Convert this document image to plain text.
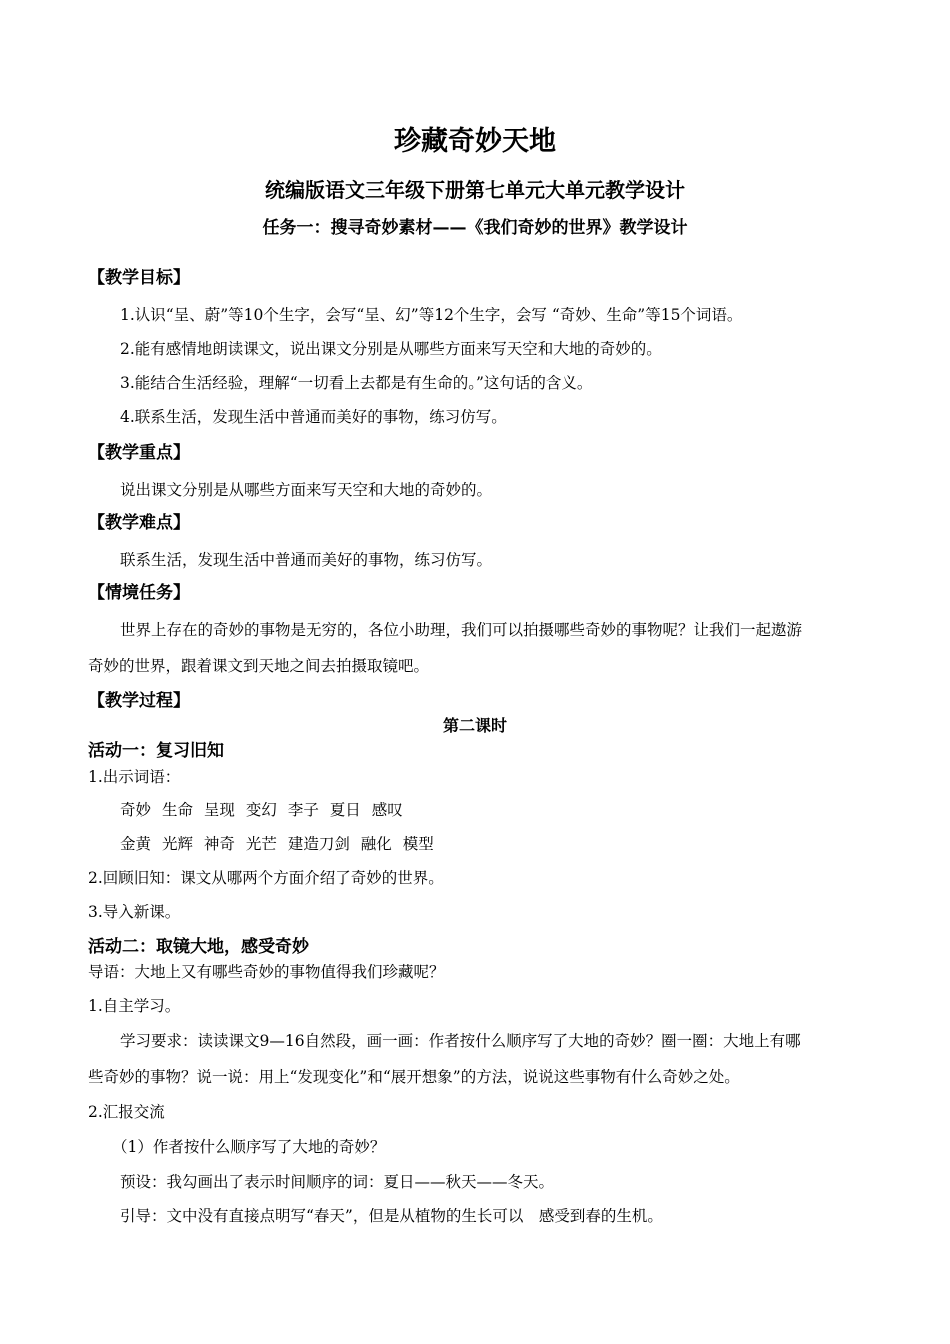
珍藏奇妙天地
统编版语文三年级下册第七单元大单元教学设计
任务一：搜寻奇妙素材——《我们奇妙的世界》教学设计
【教学目标】
1.认识“呈、蔚”等10个生字，会写“呈、幻”等12个生字，会写 “奇妙、生命”等15个词语。
2.能有感情地朗读课文，说出课文分别是从哪些方面来写天空和大地的奇妙的。
3.能结合生活经验，理解“一切看上去都是有生命的。”这句话的含义。
4.联系生活，发现生活中普通而美好的事物，练习仿写。
【教学重点】
说出课文分别是从哪些方面来写天空和大地的奇妙的。
【教学难点】
联系生活，发现生活中普通而美好的事物，练习仿写。
【情境任务】
世界上存在的奇妙的事物是无穷的，各位小助理，我们可以拍摄哪些奇妙的事物呢？让我们一起遨游
奇妙的世界，跟着课文到天地之间去拍摄取镜吧。
【教学过程】
第二课时
活动一：复习旧知
1.出示词语：
奇妙 生命 呈现 变幻 李子 夏日 感叹
金黄 光辉 神奇 光芒 建造刀剑 融化 模型
2.回顾旧知：课文从哪两个方面介绍了奇妙的世界。
3.导入新课。
活动二：取镜大地，感受奇妙
导语：大地上又有哪些奇妙的事物值得我们珍藏呢？
1.自主学习。
学习要求：读读课文9—16自然段，画一画：作者按什么顺序写了大地的奇妙？圈一圈：大地上有哪
些奇妙的事物？说一说：用上“发现变化”和“展开想象”的方法，说说这些事物有什么奇妙之处。
2.汇报交流
（1）作者按什么顺序写了大地的奇妙？
预设：我勾画出了表示时间顺序的词：夏日——秋天——冬天。
引导：文中没有直接点明写“春天”，但是从植物的生长可以　感受到春的生机。
